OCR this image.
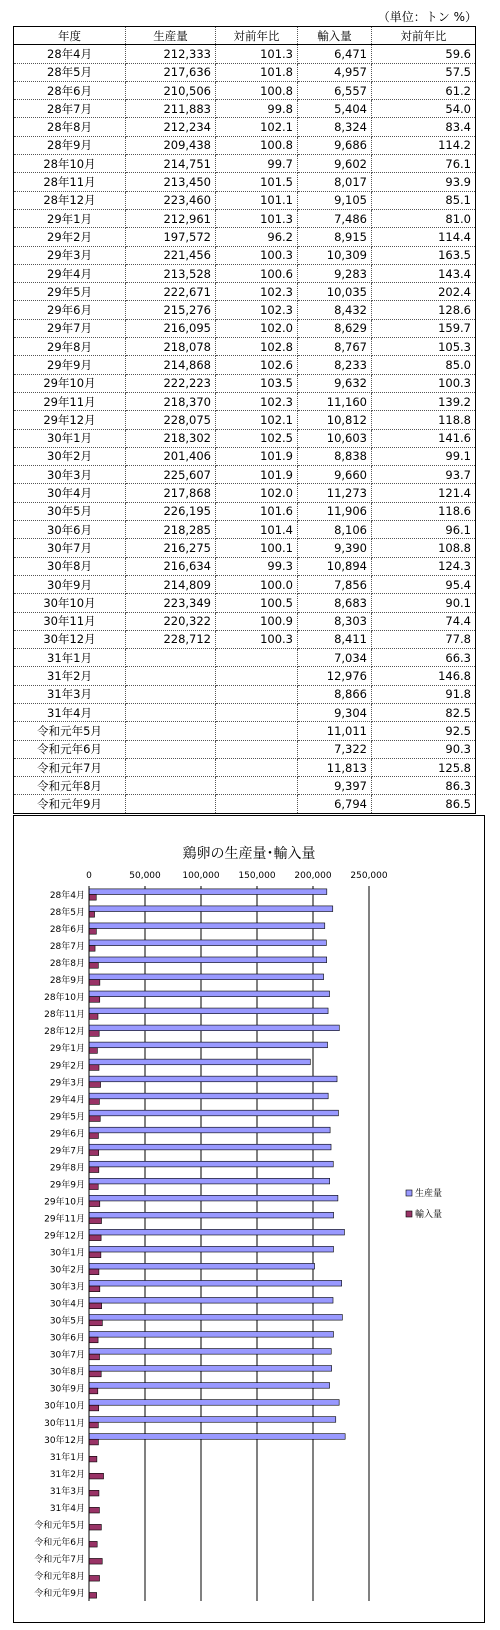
（単位：トン %）
年度	生産量	対前年比	輸入量	対前年比
28年4月	212,333	101.3	6,471	59.6
28年5月	217,636	101.8	4,957	57.5
28年6月	210,506	100.8	6,557	61.2
28年7月	211,883	99.8	5,404	54.0
28年8月	212,234	102.1	8,324	83.4
28年9月	209,438	100.8	9,686	114.2
28年10月	214,751	99.7	9,602	76.1
28年11月	213,450	101.5	8,017	93.9
28年12月	223,460	101.1	9,105	85.1
29年1月	212,961	101.3	7,486	81.0
29年2月	197,572	96.2	8,915	114.4
29年3月	221,456	100.3	10,309	163.5
29年4月	213,528	100.6	9,283	143.4
29年5月	222,671	102.3	10,035	202.4
29年6月	215,276	102.3	8,432	128.6
29年7月	216,095	102.0	8,629	159.7
29年8月	218,078	102.8	8,767	105.3
29年9月	214,868	102.6	8,233	85.0
29年10月	222,223	103.5	9,632	100.3
29年11月	218,370	102.3	11,160	139.2
29年12月	228,075	102.1	10,812	118.8
30年1月	218,302	102.5	10,603	141.6
30年2月	201,406	101.9	8,838	99.1
30年3月	225,607	101.9	9,660	93.7
30年4月	217,868	102.0	11,273	121.4
30年5月	226,195	101.6	11,906	118.6
30年6月	218,285	101.4	8,106	96.1
30年7月	216,275	100.1	9,390	108.8
30年8月	216,634	99.3	10,894	124.3
30年9月	214,809	100.0	7,856	95.4
30年10月	223,349	100.5	8,683	90.1
30年11月	220,322	100.9	8,303	74.4
30年12月	228,712	100.3	8,411	77.8
31年1月			7,034	66.3
31年2月			12,976	146.8
31年3月			8,866	91.8
31年4月			9,304	82.5
令和元年5月			11,011	92.5
令和元年6月			7,322	90.3
令和元年7月			11,813	125.8
令和元年8月			9,397	86.3
令和元年9月			6,794	86.5
鶏卵の生産量･輸入量
0	50,000 100,000 150,000 200,000 250,000
28年4月
28年5月
28年6月
28年7月
28年8月
28年9月
28年10月
28年11月
28年12月
29年1月
29年2月
29年3月
29年4月
29年5月
29年6月
29年7月
29年8月
29年9月
29年10月
29年11月
29年12月
30年1月
30年2月
30年3月
30年4月
30年5月
30年6月
30年7月
30年8月
30年9月
30年10月
30年11月
30年12月
31年1月
31年2月
31年3月
31年4月
令和元年5月
令和元年6月
令和元年7月
令和元年8月
令和元年9月
生産量
輸入量
